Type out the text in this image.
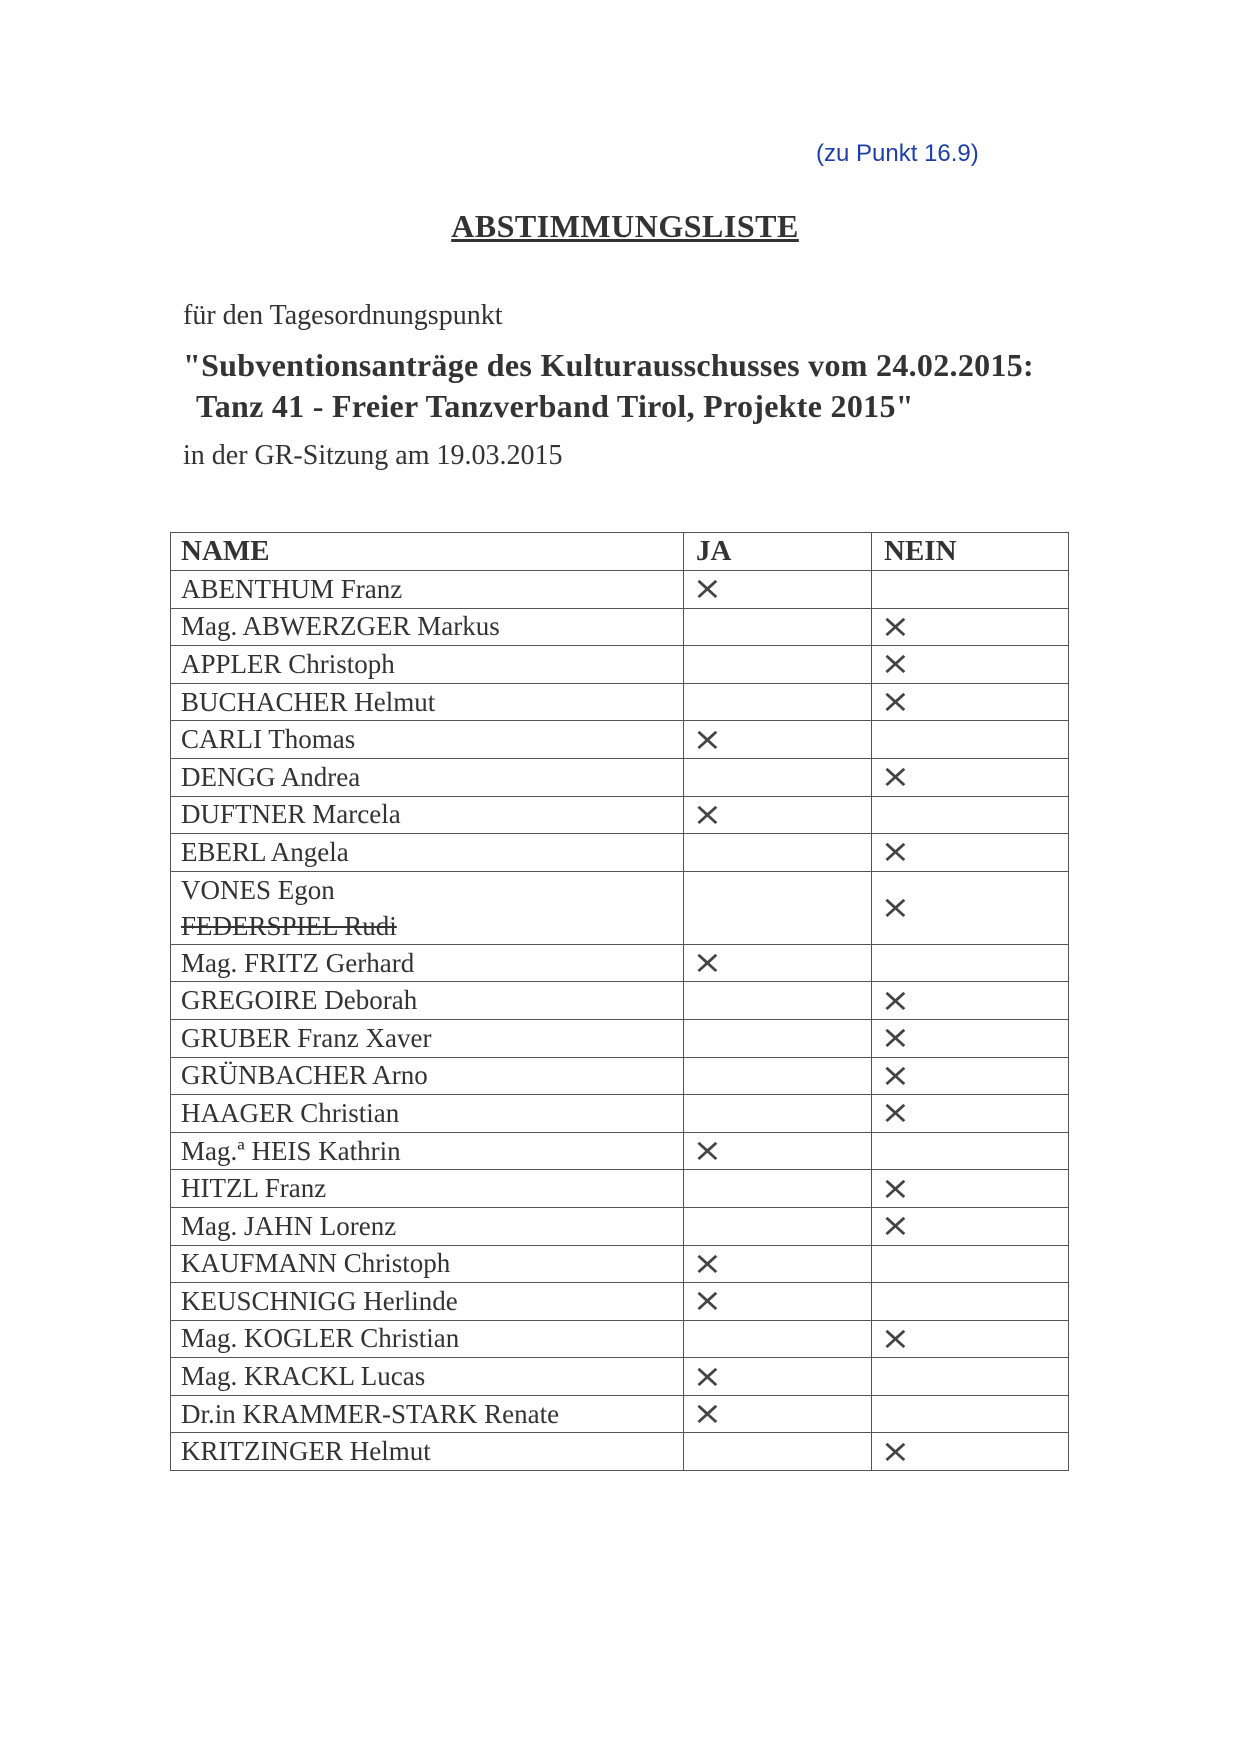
(zu Punkt 16.9)
ABSTIMMUNGSLISTE
für den Tagesordnungspunkt
"Subventionsanträge des Kulturausschusses vom 24.02.2015:
Tanz 41 - Freier Tanzverband Tirol, Projekte 2015"
in der GR-Sitzung am 19.03.2015
NAME	JA	NEIN
ABENTHUM Franz	×	
Mag. ABWERZGER Markus		×
APPLER Christoph		×
BUCHACHER Helmut		×
CARLI Thomas	×	
DENGG Andrea		×
DUFTNER Marcela	×	
EBERL Angela		×

VONES Egon
FEDERSPIEL Rudi		×
Mag. FRITZ Gerhard	×	
GREGOIRE Deborah		×
GRUBER Franz Xaver		×
GRÜNBACHER Arno		×
HAAGER Christian		×
Mag.ª HEIS Kathrin	×	
HITZL Franz		×
Mag. JAHN Lorenz		×
KAUFMANN Christoph	×	
KEUSCHNIGG Herlinde	×	
Mag. KOGLER Christian		×
Mag. KRACKL Lucas	×	
Dr.in KRAMMER-STARK Renate	×	
KRITZINGER Helmut		×
